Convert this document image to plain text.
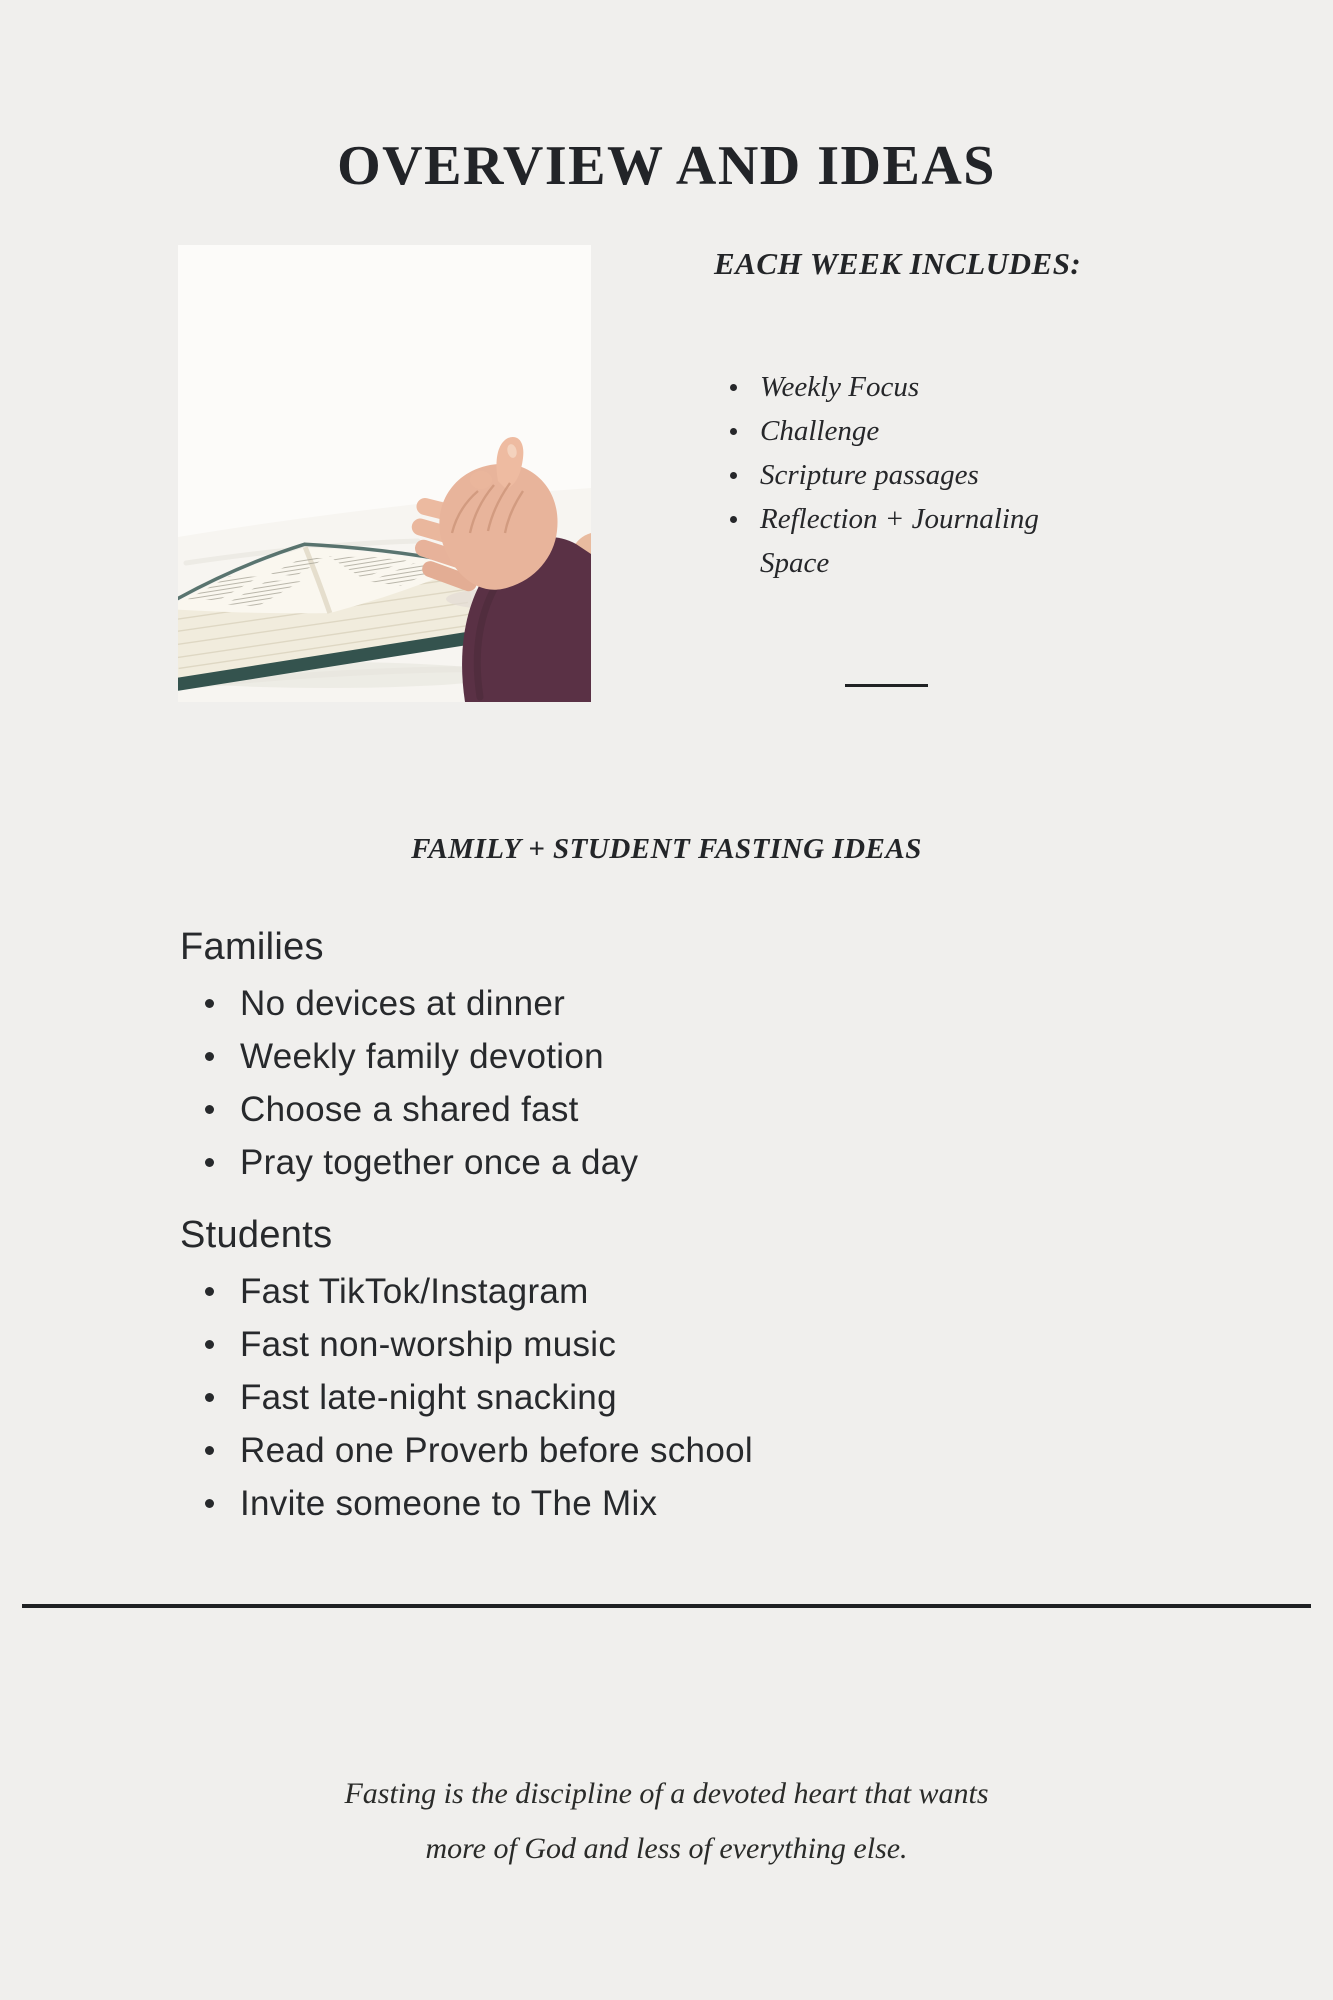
OVERVIEW AND IDEAS
EACH WEEK INCLUDES:
Weekly Focus
Challenge
Scripture passages
Reflection + Journaling Space
FAMILY + STUDENT FASTING IDEAS
Families
No devices at dinner
Weekly family devotion
Choose a shared fast
Pray together once a day
Students
Fast TikTok/Instagram
Fast non-worship music
Fast late-night snacking
Read one Proverb before school
Invite someone to The Mix

Fasting is the discipline of a devoted heart that wants

more of God and less of everything else.
